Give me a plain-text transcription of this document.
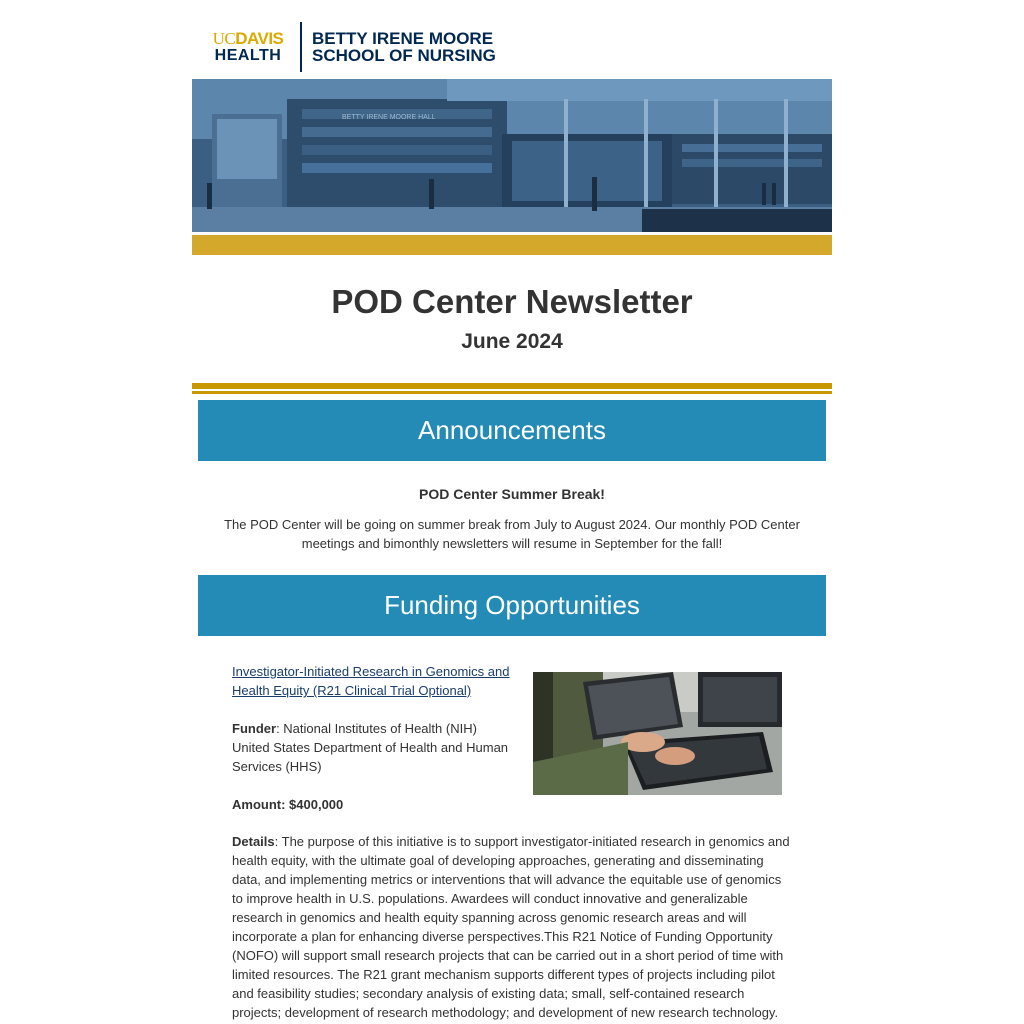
UCDAVIS
HEALTH
BETTY IRENE MOORE
SCHOOL OF NURSING
BETTY IRENE MOORE HALL
POD Center Newsletter
June 2024
Announcements
POD Center Summer Break!
The POD Center will be going on summer break from July to August 2024. Our monthly POD Center meetings and bimonthly newsletters will resume in September for the fall!
Funding Opportunities
Investigator-Initiated Research in Genomics and Health Equity (R21 Clinical Trial Optional)
Funder: National Institutes of Health (NIH) United States Department of Health and Human Services (HHS)
Amount: $400,000
Details: The purpose of this initiative is to support investigator-initiated research in genomics and health equity, with the ultimate goal of developing approaches, generating and disseminating data, and implementing metrics or interventions that will advance the equitable use of genomics to improve health in U.S. populations. Awardees will conduct innovative and generalizable research in genomics and health equity spanning across genomic research areas and will incorporate a plan for enhancing diverse perspectives.This R21 Notice of Funding Opportunity (NOFO) will support small research projects that can be carried out in a short period of time with limited resources. The R21 grant mechanism supports different types of projects including pilot and feasibility studies; secondary analysis of existing data; small, self-contained research projects; development of research methodology; and development of new research technology.
